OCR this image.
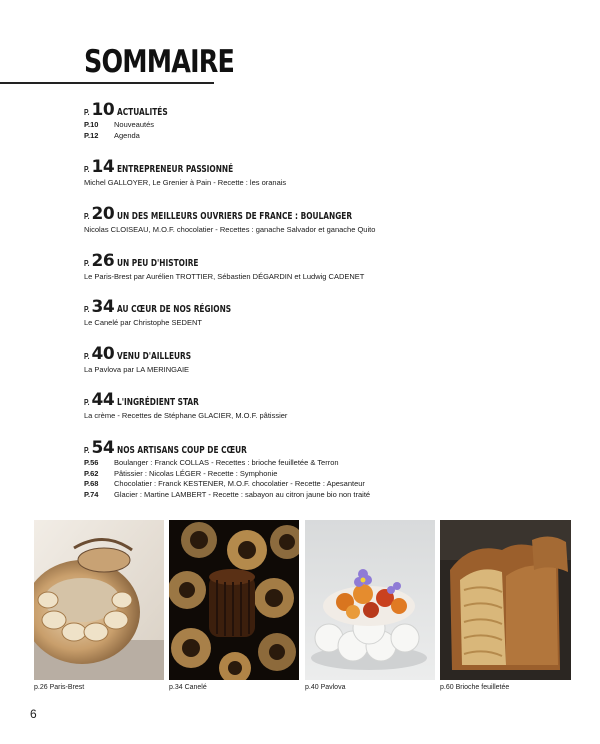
SOMMAIRE
P. 10 ACTUALITÉS
P.10	Nouveautés
P.12	Agenda
P. 14 ENTREPRENEUR PASSIONNÉ
Michel GALLOYER, Le Grenier à Pain - Recette : les oranais
P. 20 UN DES MEILLEURS OUVRIERS DE FRANCE : BOULANGER
Nicolas CLOISEAU, M.O.F. chocolatier - Recettes : ganache Salvador et ganache Quito
P. 26 UN PEU D'HISTOIRE
Le Paris-Brest par Aurélien TROTTIER, Sébastien DÉGARDIN et Ludwig CADENET
P. 34 AU CŒUR DE NOS RÉGIONS
Le Canelé par Christophe SEDENT
P. 40 VENU D'AILLEURS
La Pavlova par LA MERINGAIE
P. 44 L'INGRÉDIENT STAR
La crème - Recettes de Stéphane GLACIER, M.O.F. pâtissier
P. 54 NOS ARTISANS COUP DE CŒUR
P.56	Boulanger : Franck COLLAS - Recettes : brioche feuilletée & Terron
P.62	Pâtissier : Nicolas LÉGER - Recette : Symphonie
P.68	Chocolatier : Franck KESTENER, M.O.F. chocolatier - Recette : Apesanteur
P.74	Glacier : Martine LAMBERT - Recette : sabayon au citron jaune bio non traité
p.26 Paris-Brest	p.34 Canelé	p.40 Pavlova	p.60 Brioche feuilletée
6
